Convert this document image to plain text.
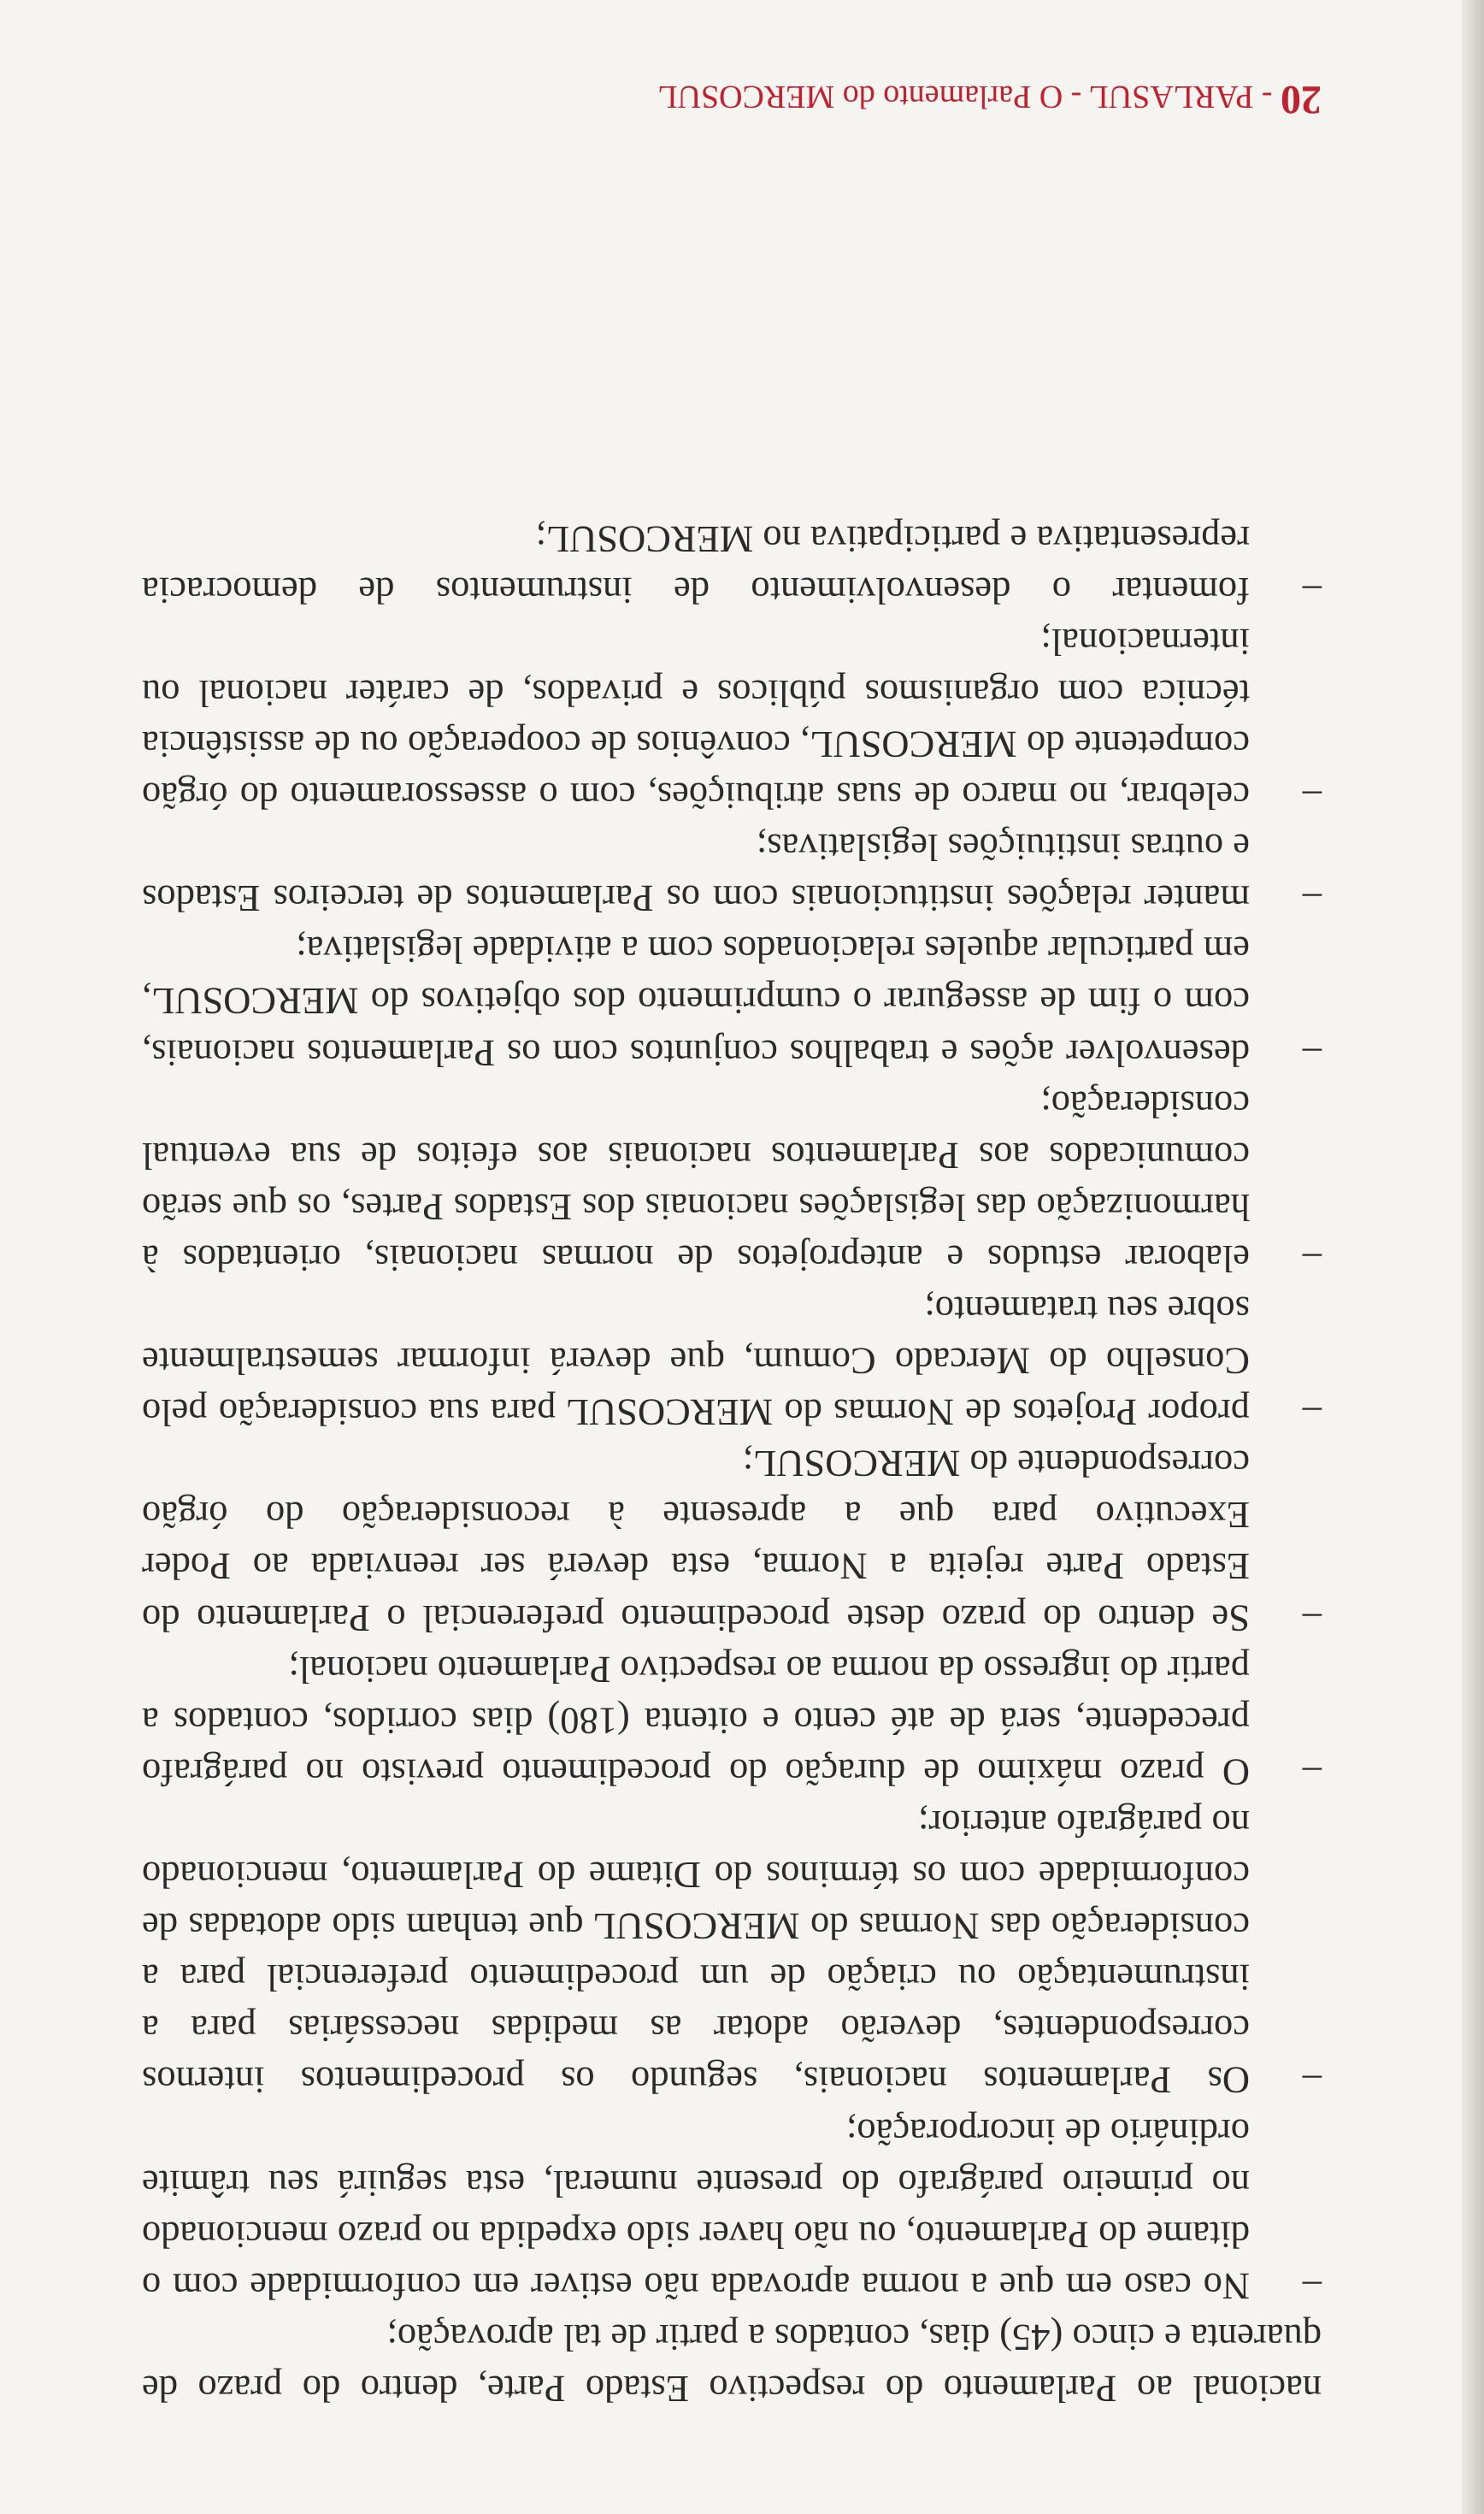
nacional ao Parlamento do respectivo Estado Parte, dentro do prazo de quarenta e cinco (45) dias, contados a partir de tal aprovação;

–

No caso em que a norma aprovada não estiver em conformidade com o ditame do Parlamento, ou não haver sido expedida no prazo mencionado no primeiro parágrafo do presente numeral, esta seguirá seu trâmite ordinário de incorporação;

–

Os Parlamentos nacionais, segundo os procedimentos internos correspondentes, deverão adotar as medidas necessárias para a instrumentação ou criação de um procedimento preferencial para a consideração das Normas do MERCOSUL que tenham sido adotadas de conformidade com os términos do Ditame do Parlamento, mencionado no parágrafo anterior;

–

O prazo máximo de duração do procedimento previsto no parágrafo precedente, será de até cento e oitenta (180) dias corridos, contados a partir do ingresso da norma ao respectivo Parlamento nacional;

–

Se dentro do prazo deste procedimento preferencial o Parlamento do Estado Parte rejeita a Norma, esta deverá ser reenviada ao Poder Executivo para que a apresente à reconsideração do órgão correspondente do MERCOSUL;

–

propor Projetos de Normas do MERCOSUL para sua consideração pelo Conselho do Mercado Comum, que deverá informar semestralmente sobre seu tratamento;

–

elaborar estudos e anteprojetos de normas nacionais, orientados à harmonização das legislações nacionais dos Estados Partes, os que serão comunicados aos Parlamentos nacionais aos efeitos de sua eventual consideração;

–

desenvolver ações e trabalhos conjuntos com os Parlamentos nacionais, com o fim de assegurar o cumprimento dos objetivos do MERCOSUL, em particular aqueles relacionados com a atividade legislativa;

–

manter relações institucionais com os Parlamentos de terceiros Estados e outras instituições legislativas;

–

celebrar, no marco de suas atribuições, com o assessoramento do órgão competente do MERCOSUL, convênios de cooperação ou de assistência técnica com organismos públicos e privados, de caráter nacional ou internacional;

–

fomentar o desenvolvimento de instrumentos de democracia representativa e participativa no MERCOSUL;

20 - PARLASUL - O Parlamento do MERCOSUL
